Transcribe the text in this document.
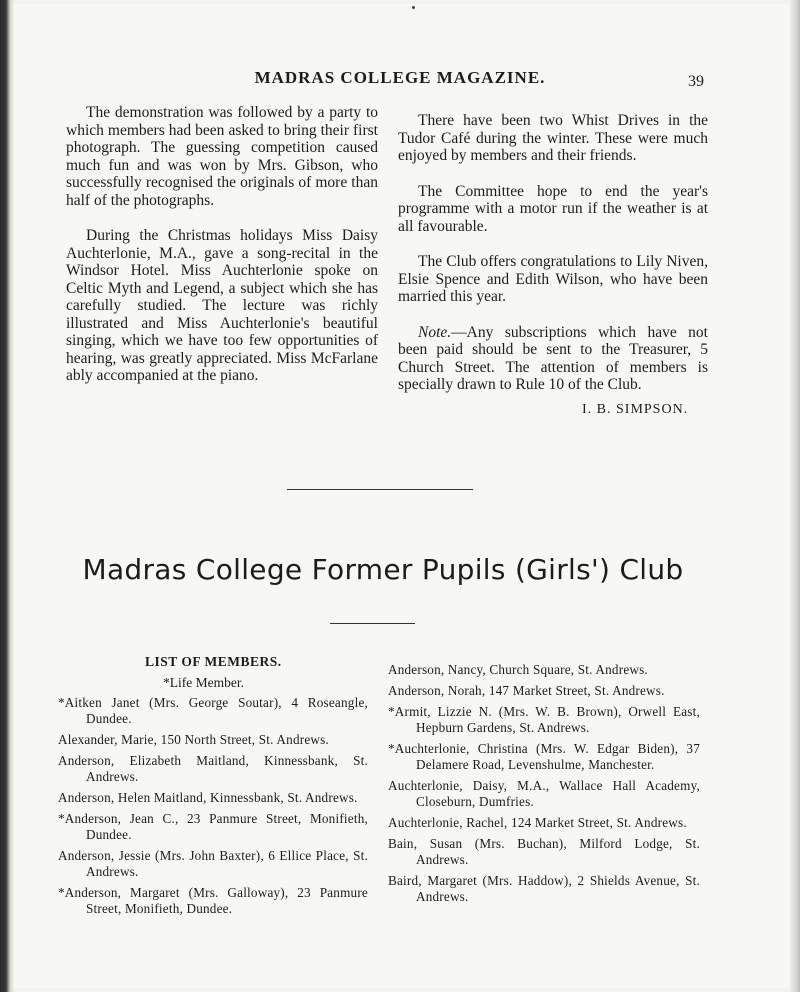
MADRAS COLLEGE MAGAZINE.	39

The demonstration was followed by a party to which members had been asked to bring their first photograph. The guessing competition caused much fun and was won by Mrs. Gibson, who successfully recognised the originals of more than half of the photographs.

During the Christmas holidays Miss Daisy Auchterlonie, M.A., gave a song-recital in the Windsor Hotel. Miss Auchterlonie spoke on Celtic Myth and Legend, a subject which she has carefully studied. The lecture was richly illustrated and Miss Auchterlonie's beautiful singing, which we have too few opportunities of hearing, was greatly appreciated. Miss McFarlane ably accompanied at the piano.

There have been two Whist Drives in the Tudor Café during the winter. These were much enjoyed by members and their friends.

The Committee hope to end the year's programme with a motor run if the weather is at all favourable.

The Club offers congratulations to Lily Niven, Elsie Spence and Edith Wilson, who have been married this year.

Note.—Any subscriptions which have not been paid should be sent to the Treasurer, 5 Church Street. The attention of members is specially drawn to Rule 10 of the Club.

I. B. SIMPSON.
Madras College Former Pupils (Girls') Club
LIST OF MEMBERS.
*Life Member.

*Aitken Janet (Mrs. George Soutar), 4 Roseangle, Dundee.

Alexander, Marie, 150 North Street, St. Andrews.

Anderson, Elizabeth Maitland, Kinnessbank, St. Andrews.

Anderson, Helen Maitland, Kinnessbank, St. Andrews.

*Anderson, Jean C., 23 Panmure Street, Monifieth, Dundee.

Anderson, Jessie (Mrs. John Baxter), 6 Ellice Place, St. Andrews.

*Anderson, Margaret (Mrs. Galloway), 23 Panmure Street, Monifieth, Dundee.

Anderson, Nancy, Church Square, St. Andrews.

Anderson, Norah, 147 Market Street, St. Andrews.

*Armit, Lizzie N. (Mrs. W. B. Brown), Orwell East, Hepburn Gardens, St. Andrews.

*Auchterlonie, Christina (Mrs. W. Edgar Biden), 37 Delamere Road, Levenshulme, Manchester.

Auchterlonie, Daisy, M.A., Wallace Hall Academy, Closeburn, Dumfries.

Auchterlonie, Rachel, 124 Market Street, St. Andrews.

Bain, Susan (Mrs. Buchan), Milford Lodge, St. Andrews.

Baird, Margaret (Mrs. Haddow), 2 Shields Avenue, St. Andrews.
